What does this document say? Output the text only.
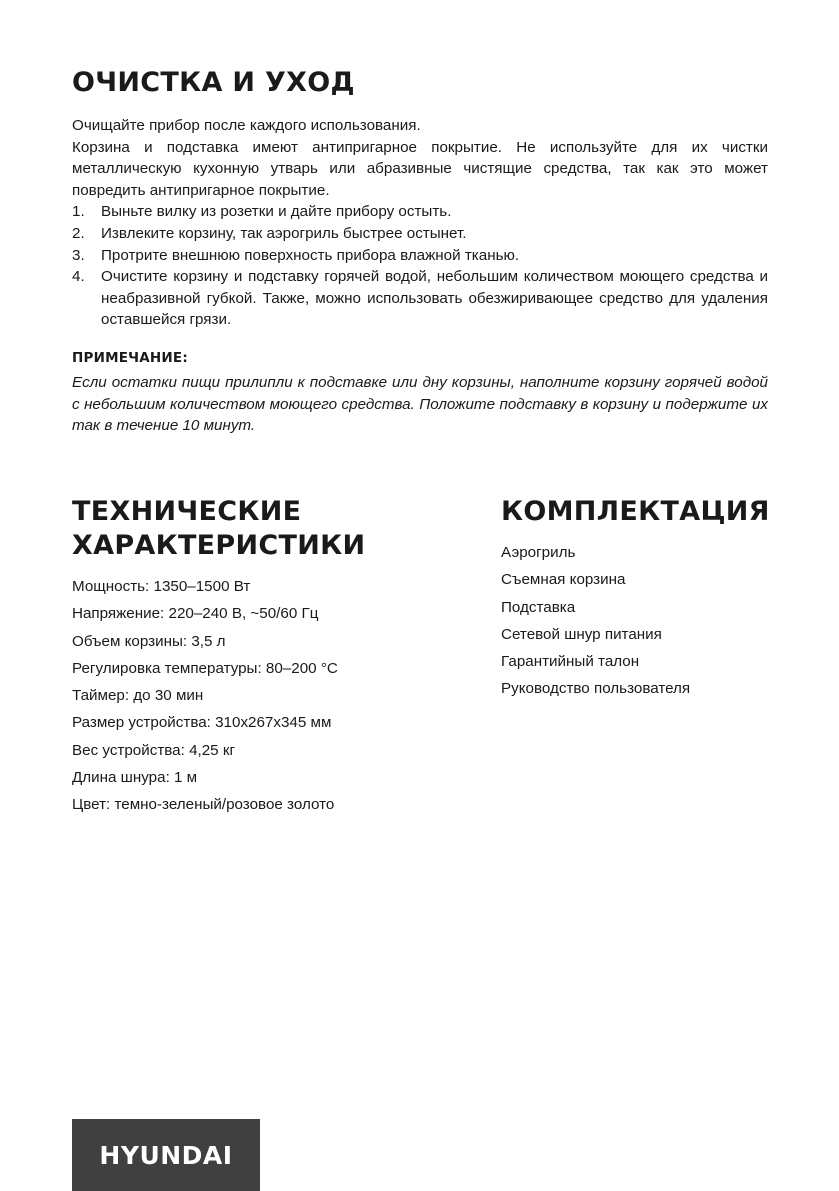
ОЧИСТКА И УХОД

Очищайте прибор после каждого использования.

Корзина и подставка имеют антипригарное покрытие. Не используйте для их чистки металлическую кухонную утварь или абразивные чистящие средства, так как это может повредить антипригарное покрытие.

1. Выньте вилку из розетки и дайте прибору остыть.
2. Извлеките корзину, так аэрогриль быстрее остынет.
3. Протрите внешнюю поверхность прибора влажной тканью.
4. Очистите корзину и подставку горячей водой, небольшим количеством моющего средства и неабразивной губкой. Также, можно использовать обезжиривающее средство для удаления оставшейся грязи.
ПРИМЕЧАНИЕ:

Если остатки пищи прилипли к подставке или дну корзины, наполните корзину горячей водой с небольшим количеством моющего средства. Положите подставку в корзину и подержите их так в течение 10 минут.

ТЕХНИЧЕСКИЕ
ХАРАКТЕРИСТИКИ
Мощность: 1350–1500 Вт
Напряжение: 220–240 В, ~50/60 Гц
Объем корзины: 3,5 л
Регулировка температуры: 80–200 °С
Таймер: до 30 мин
Размер устройства: 310x267x345 мм
Вес устройства: 4,25 кг
Длина шнура: 1 м
Цвет: темно-зеленый/розовое золото
КОМПЛЕКТАЦИЯ
Аэрогриль
Съемная корзина
Подставка
Сетевой шнур питания
Гарантийный талон
Руководство пользователя
HYUNDAI
